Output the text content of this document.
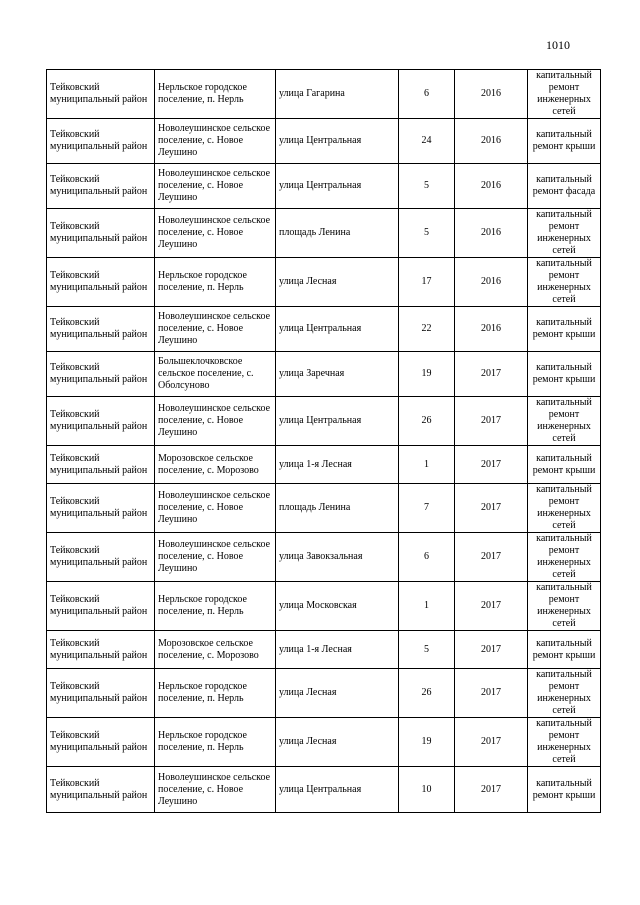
1010
Тейковский муниципальный район	Нерльское городское поселение, п. Нерль	улица Гагарина	6	2016	капитальный ремонт инженерных сетей
Тейковский муниципальный район	Новолеушинское сельское поселение, с. Новое Леушино	улица Центральная	24	2016	капитальный ремонт крыши
Тейковский муниципальный район	Новолеушинское сельское поселение, с. Новое Леушино	улица Центральная	5	2016	капитальный ремонт фасада
Тейковский муниципальный район	Новолеушинское сельское поселение, с. Новое Леушино	площадь Ленина	5	2016	капитальный ремонт инженерных сетей
Тейковский муниципальный район	Нерльское городское поселение, п. Нерль	улица Лесная	17	2016	капитальный ремонт инженерных сетей
Тейковский муниципальный район	Новолеушинское сельское поселение, с. Новое Леушино	улица Центральная	22	2016	капитальный ремонт крыши
Тейковский муниципальный район	Большеклочковское сельское поселение, с. Оболсуново	улица Заречная	19	2017	капитальный ремонт крыши
Тейковский муниципальный район	Новолеушинское сельское поселение, с. Новое Леушино	улица Центральная	26	2017	капитальный ремонт инженерных сетей
Тейковский муниципальный район	Морозовское сельское поселение, с. Морозово	улица 1-я Лесная	1	2017	капитальный ремонт крыши
Тейковский муниципальный район	Новолеушинское сельское поселение, с. Новое Леушино	площадь Ленина	7	2017	капитальный ремонт инженерных сетей
Тейковский муниципальный район	Новолеушинское сельское поселение, с. Новое Леушино	улица Завокзальная	6	2017	капитальный ремонт инженерных сетей
Тейковский муниципальный район	Нерльское городское поселение, п. Нерль	улица Московская	1	2017	капитальный ремонт инженерных сетей
Тейковский муниципальный район	Морозовское сельское поселение, с. Морозово	улица 1-я Лесная	5	2017	капитальный ремонт крыши
Тейковский муниципальный район	Нерльское городское поселение, п. Нерль	улица Лесная	26	2017	капитальный ремонт инженерных сетей
Тейковский муниципальный район	Нерльское городское поселение, п. Нерль	улица Лесная	19	2017	капитальный ремонт инженерных сетей
Тейковский муниципальный район	Новолеушинское сельское поселение, с. Новое Леушино	улица Центральная	10	2017	капитальный ремонт крыши
